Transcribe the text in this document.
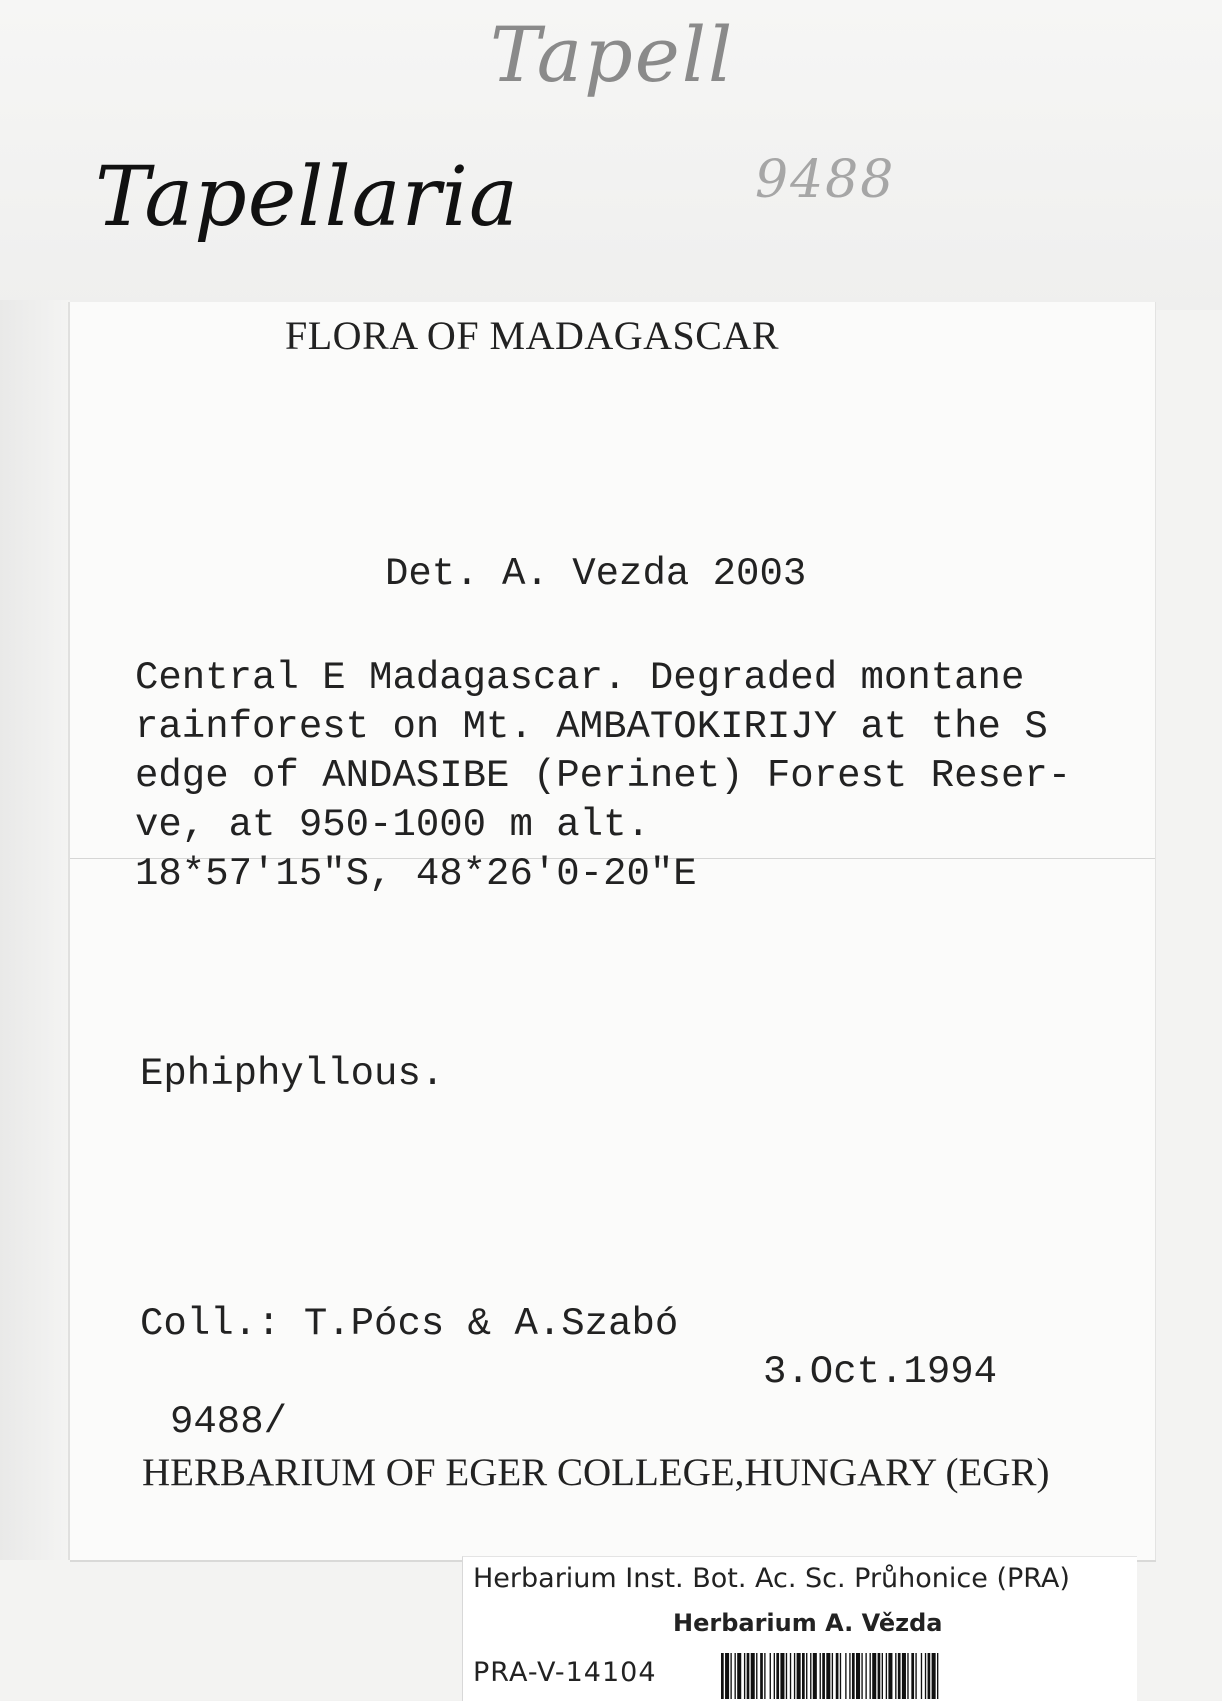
Tapell

Tapellaria	9488

FLORA OF MADAGASCAR

Det. A. Vezda 2003

Central E Madagascar. Degraded montane
rainforest on Mt. AMBATOKIRIJY at the S
edge of ANDASIBE (Perinet) Forest Reser-
ve, at 950-1000 m alt.
18*57'15"S, 48*26'0-20"E

Ephiphyllous.

Coll.: T.Pócs & A.Szabó

3.Oct.1994

9488/

HERBARIUM OF EGER COLLEGE,HUNGARY (EGR)

Herbarium Inst. Bot. Ac. Sc. Průhonice (PRA)

Herbarium A. Vězda

PRA-V-14104
